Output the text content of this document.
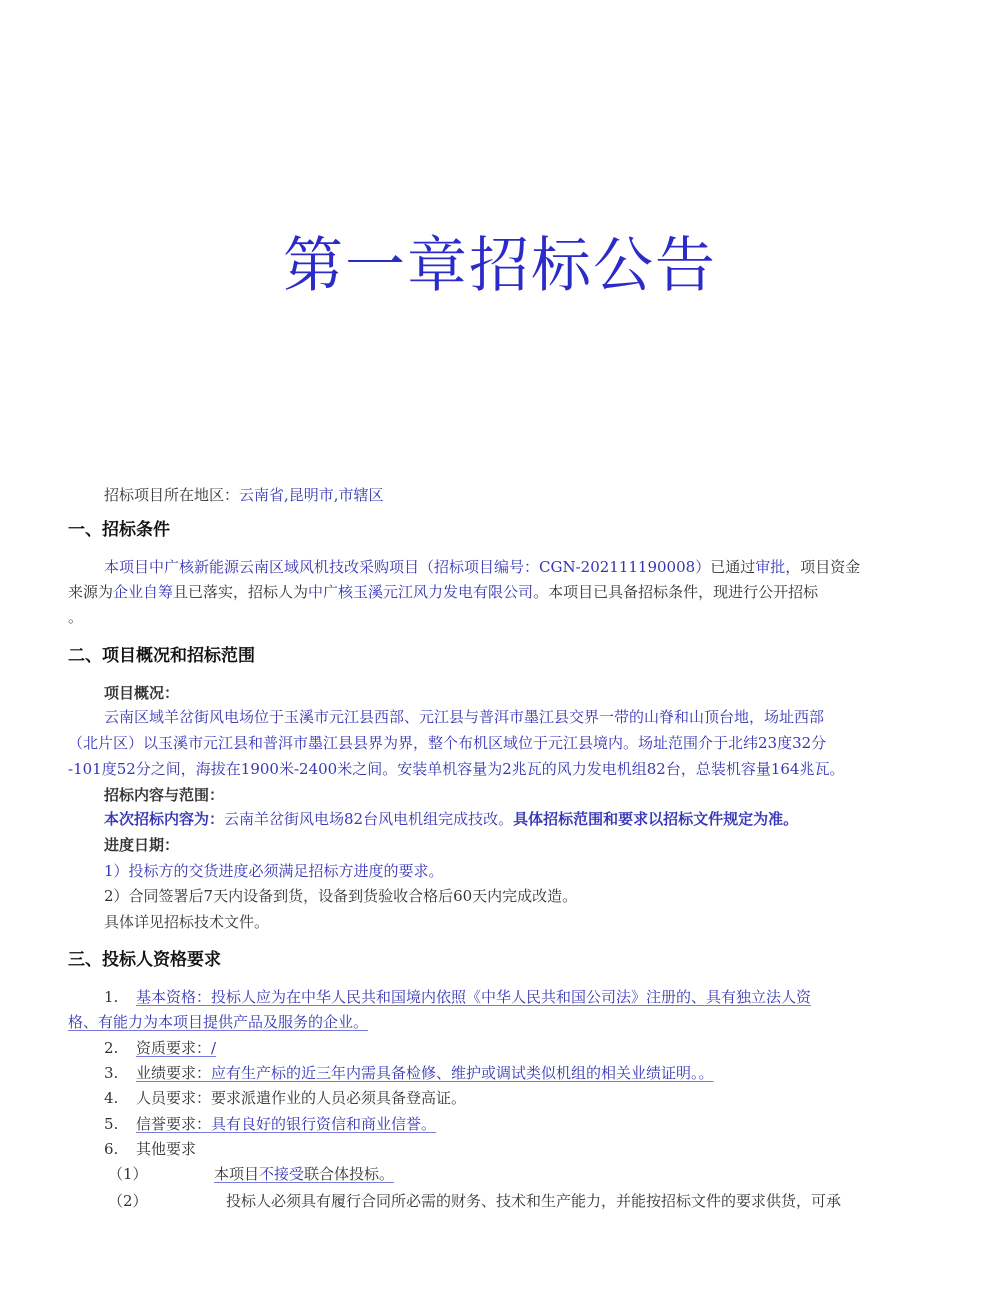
第一章招标公告
招标项目所在地区：云南省,昆明市,市辖区
一、招标条件
本项目中广核新能源云南区域风机技改采购项目（招标项目编号：CGN-202111190008）已通过审批，项目资金
来源为企业自筹且已落实，招标人为中广核玉溪元江风力发电有限公司。本项目已具备招标条件，现进行公开招标
。
二、项目概况和招标范围
项目概况：
云南区域羊岔街风电场位于玉溪市元江县西部、元江县与普洱市墨江县交界一带的山脊和山顶台地，场址西部
（北片区）以玉溪市元江县和普洱市墨江县县界为界，整个布机区域位于元江县境内。场址范围介于北纬23度32分
-101度52分之间，海拔在1900米-2400米之间。安装单机容量为2兆瓦的风力发电机组82台，总装机容量164兆瓦。
招标内容与范围：
本次招标内容为：云南羊岔街风电场82台风电机组完成技改。具体招标范围和要求以招标文件规定为准。
进度日期：
1）投标方的交货进度必须满足招标方进度的要求。
2）合同签署后7天内设备到货，设备到货验收合格后60天内完成改造。
具体详见招标技术文件。
三、投标人资格要求
1. 基本资格：投标人应为在中华人民共和国境内依照《中华人民共和国公司法》注册的、具有独立法人资
格、有能力为本项目提供产品及服务的企业。
2. 资质要求：/
3. 业绩要求：应有生产标的近三年内需具备检修、维护或调试类似机组的相关业绩证明。。
4. 人员要求：要求派遣作业的人员必须具备登高证。
5. 信誉要求：具有良好的银行资信和商业信誉。
6. 其他要求
（1）	本项目不接受联合体投标。
（2）	投标人必须具有履行合同所必需的财务、技术和生产能力，并能按招标文件的要求供货，可承
